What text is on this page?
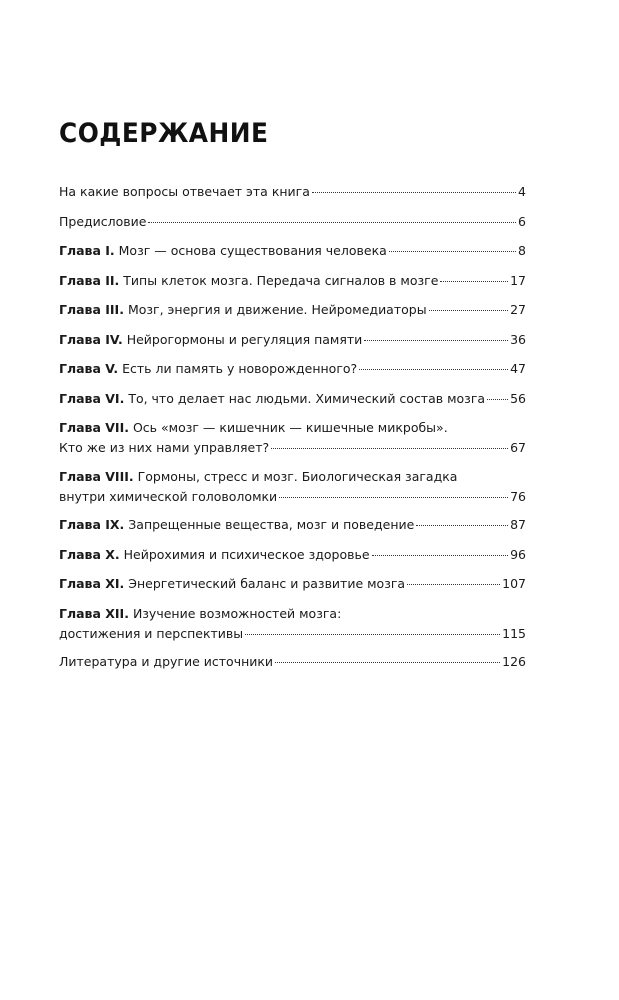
СОДЕРЖАНИЕ
На какие вопросы отвечает эта книга	4
Предисловие	6
Глава I. Мозг — основа существования человека	8
Глава II. Типы клеток мозга. Передача сигналов в мозге	17
Глава III. Мозг, энергия и движение. Нейромедиаторы	27
Глава IV. Нейрогормоны и регуляция памяти	36
Глава V. Есть ли память у новорожденного?	47
Глава VI. То, что делает нас людьми. Химический состав мозга 56
Глава VII. Ось «мозг — кишечник — кишечные микробы».
Кто же из них нами управляет?	67
Глава VIII. Гормоны, стресс и мозг. Биологическая загадка
внутри химической головоломки	76
Глава IX. Запрещенные вещества, мозг и поведение	87
Глава X. Нейрохимия и психическое здоровье	96
Глава XI. Энергетический баланс и развитие мозга	107
Глава XII. Изучение возможностей мозга:
достижения и перспективы	115
Литература и другие источники	126
